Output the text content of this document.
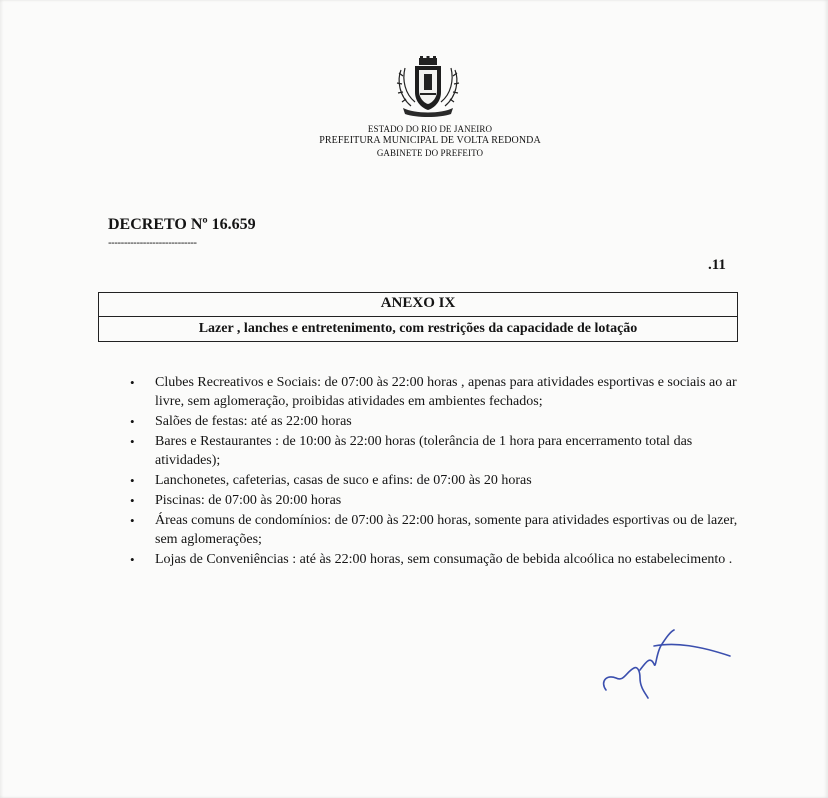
ESTADO DO RIO DE JANEIRO
PREFEITURA MUNICIPAL DE VOLTA REDONDA
GABINETE DO PREFEITO
DECRETO Nº 16.659
----------------------------
.11
ANEXO IX
Lazer , lanches e entretenimento, com restrições da capacidade de lotação
• Clubes Recreativos e Sociais: de 07:00 às 22:00 horas , apenas para atividades esportivas e sociais ao ar livre, sem aglomeração, proibidas atividades em ambientes fechados;
• Salões de festas: até as 22:00 horas
• Bares e Restaurantes : de 10:00 às 22:00 horas (tolerância de 1 hora para encerramento total das atividades);
• Lanchonetes, cafeterias, casas de suco e afins: de 07:00 às 20 horas
• Piscinas: de 07:00 às 20:00 horas
• Áreas comuns de condomínios: de 07:00 às 22:00 horas, somente para atividades esportivas ou de lazer, sem aglomerações;
• Lojas de Conveniências : até às 22:00 horas, sem consumação de bebida alcoólica no estabelecimento .
